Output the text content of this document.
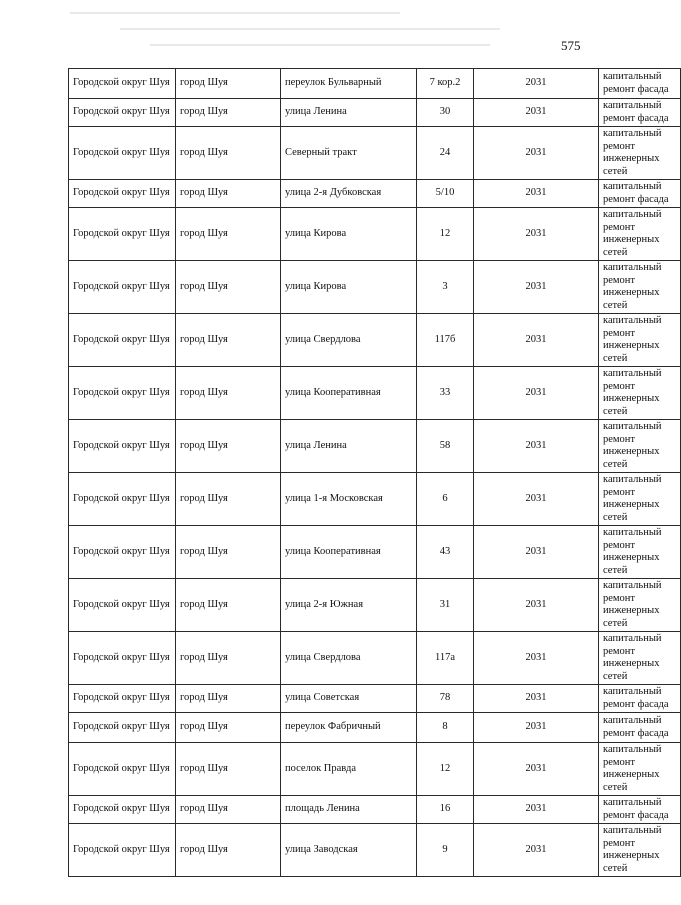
575
Городской округ Шуя	город Шуя	переулок Бульварный	7 кор.2	2031	капитальный ремонт фасада
Городской округ Шуя	город Шуя	улица Ленина	30	2031	капитальный ремонт фасада
Городской округ Шуя	город Шуя	Северный тракт	24	2031	капитальный ремонт инженерных сетей
Городской округ Шуя	город Шуя	улица 2-я Дубковская	5/10	2031	капитальный ремонт фасада
Городской округ Шуя	город Шуя	улица Кирова	12	2031	капитальный ремонт инженерных сетей
Городской округ Шуя	город Шуя	улица Кирова	3	2031	капитальный ремонт инженерных сетей
Городской округ Шуя	город Шуя	улица Свердлова	117б	2031	капитальный ремонт инженерных сетей
Городской округ Шуя	город Шуя	улица Кооперативная	33	2031	капитальный ремонт инженерных сетей
Городской округ Шуя	город Шуя	улица Ленина	58	2031	капитальный ремонт инженерных сетей
Городской округ Шуя	город Шуя	улица 1-я Московская	6	2031	капитальный ремонт инженерных сетей
Городской округ Шуя	город Шуя	улица Кооперативная	43	2031	капитальный ремонт инженерных сетей
Городской округ Шуя	город Шуя	улица 2-я Южная	31	2031	капитальный ремонт инженерных сетей
Городской округ Шуя	город Шуя	улица Свердлова	117а	2031	капитальный ремонт инженерных сетей
Городской округ Шуя	город Шуя	улица Советская	78	2031	капитальный ремонт фасада
Городской округ Шуя	город Шуя	переулок Фабричный	8	2031	капитальный ремонт фасада
Городской округ Шуя	город Шуя	поселок Правда	12	2031	капитальный ремонт инженерных сетей
Городской округ Шуя	город Шуя	площадь Ленина	16	2031	капитальный ремонт фасада
Городской округ Шуя	город Шуя	улица Заводская	9	2031	капитальный ремонт инженерных сетей
